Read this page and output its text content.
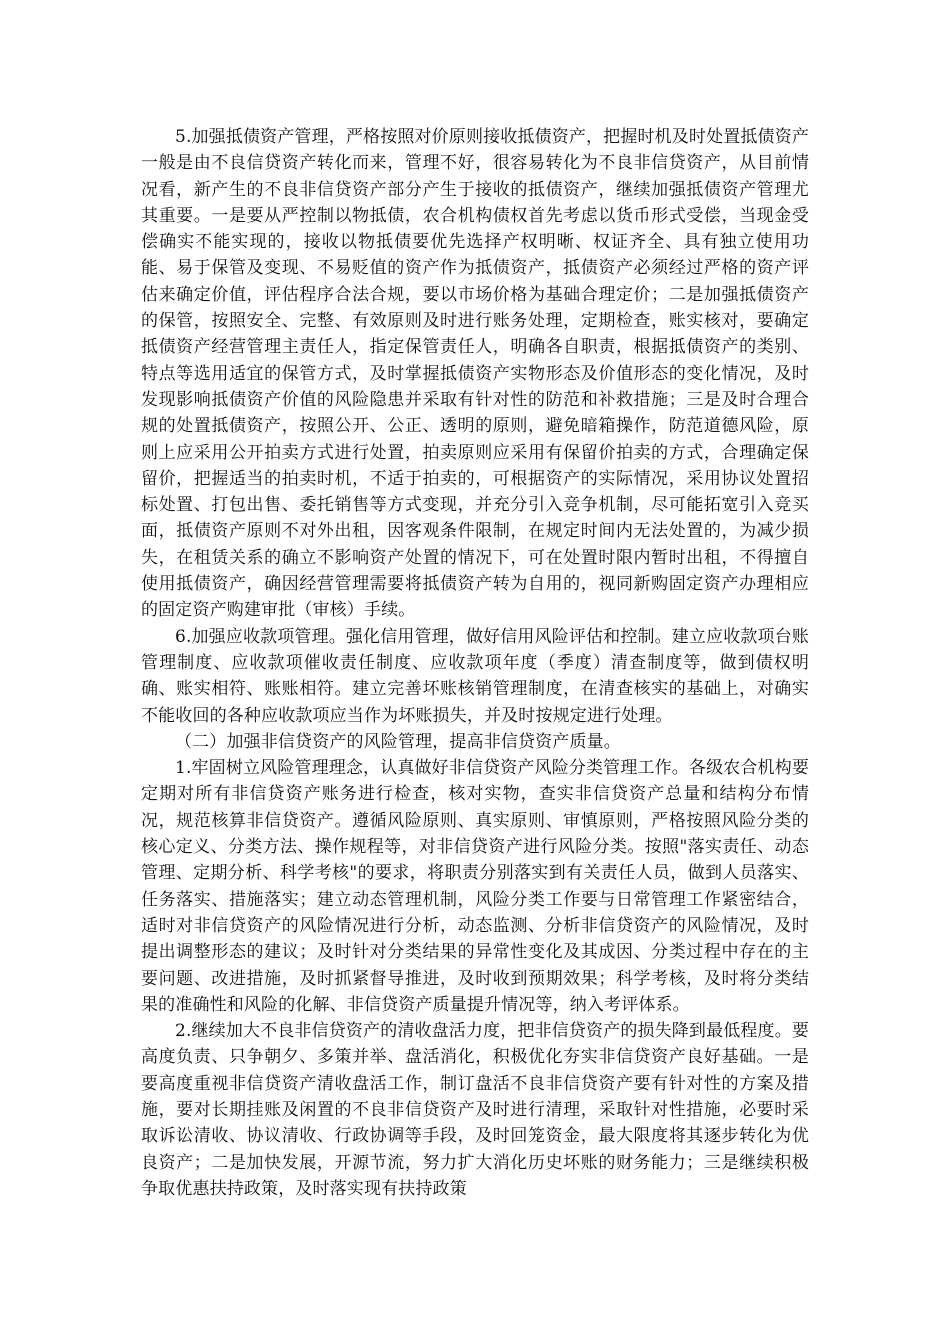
5.加强抵债资产管理，严格按照对价原则接收抵债资产，把握时机及时处置抵债资产一般是由不良信贷资产转化而来，管理不好，很容易转化为不良非信贷资产，从目前情况看，新产生的不良非信贷资产部分产生于接收的抵债资产，继续加强抵债资产管理尤其重要。一是要从严控制以物抵债，农合机构债权首先考虑以货币形式受偿，当现金受偿确实不能实现的，接收以物抵债要优先选择产权明晰、权证齐全、具有独立使用功能、易于保管及变现、不易贬值的资产作为抵债资产，抵债资产必须经过严格的资产评估来确定价值，评估程序合法合规，要以市场价格为基础合理定价；二是加强抵债资产的保管，按照安全、完整、有效原则及时进行账务处理，定期检查，账实核对，要确定抵债资产经营管理主责任人，指定保管责任人，明确各自职责，根据抵债资产的类别、特点等选用适宜的保管方式，及时掌握抵债资产实物形态及价值形态的变化情况，及时发现影响抵债资产价值的风险隐患并采取有针对性的防范和补救措施；三是及时合理合规的处置抵债资产，按照公开、公正、透明的原则，避免暗箱操作，防范道德风险，原则上应采用公开拍卖方式进行处置，拍卖原则应采用有保留价拍卖的方式，合理确定保留价，把握适当的拍卖时机，不适于拍卖的，可根据资产的实际情况，采用协议处置招标处置、打包出售、委托销售等方式变现，并充分引入竞争机制，尽可能拓宽引入竞买面，抵债资产原则不对外出租，因客观条件限制，在规定时间内无法处置的，为减少损失，在租赁关系的确立不影响资产处置的情况下，可在处置时限内暂时出租，不得擅自使用抵债资产，确因经营管理需要将抵债资产转为自用的，视同新购固定资产办理相应的固定资产购建审批（审核）手续。

6.加强应收款项管理。强化信用管理，做好信用风险评估和控制。建立应收款项台账管理制度、应收款项催收责任制度、应收款项年度（季度）清查制度等，做到债权明确、账实相符、账账相符。建立完善坏账核销管理制度，在清查核实的基础上，对确实不能收回的各种应收款项应当作为坏账损失，并及时按规定进行处理。

（二）加强非信贷资产的风险管理，提高非信贷资产质量。

1.牢固树立风险管理理念，认真做好非信贷资产风险分类管理工作。各级农合机构要定期对所有非信贷资产账务进行检查，核对实物，查实非信贷资产总量和结构分布情况，规范核算非信贷资产。遵循风险原则、真实原则、审慎原则，严格按照风险分类的核心定义、分类方法、操作规程等，对非信贷资产进行风险分类。按照"落实责任、动态管理、定期分析、科学考核"的要求，将职责分别落实到有关责任人员，做到人员落实、任务落实、措施落实；建立动态管理机制，风险分类工作要与日常管理工作紧密结合，适时对非信贷资产的风险情况进行分析，动态监测、分析非信贷资产的风险情况，及时提出调整形态的建议；及时针对分类结果的异常性变化及其成因、分类过程中存在的主要问题、改进措施，及时抓紧督导推进，及时收到预期效果；科学考核，及时将分类结果的准确性和风险的化解、非信贷资产质量提升情况等，纳入考评体系。

2.继续加大不良非信贷资产的清收盘活力度，把非信贷资产的损失降到最低程度。要高度负责、只争朝夕、多策并举、盘活消化，积极优化夯实非信贷资产良好基础。一是要高度重视非信贷资产清收盘活工作，制订盘活不良非信贷资产要有针对性的方案及措施，要对长期挂账及闲置的不良非信贷资产及时进行清理，采取针对性措施，必要时采取诉讼清收、协议清收、行政协调等手段，及时回笼资金，最大限度将其逐步转化为优良资产；二是加快发展，开源节流，努力扩大消化历史坏账的财务能力；三是继续积极争取优惠扶持政策，及时落实现有扶持政策
